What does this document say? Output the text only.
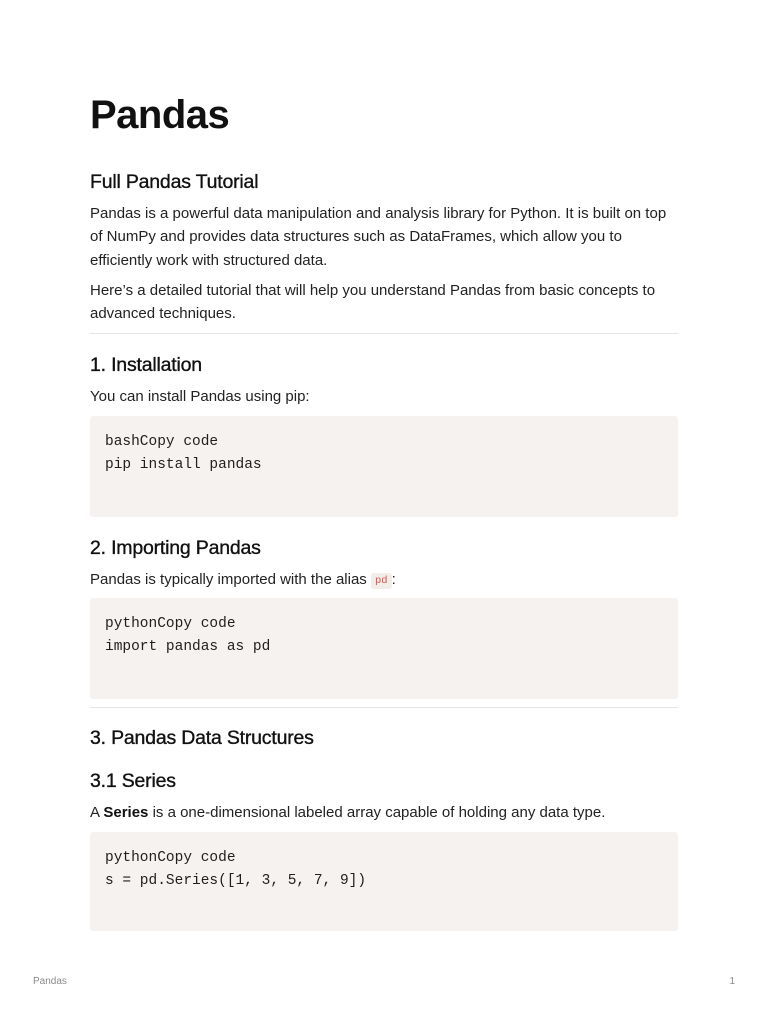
Pandas
Full Pandas Tutorial

Pandas is a powerful data manipulation and analysis library for Python. It is built on top of NumPy and provides data structures such as DataFrames, which allow you to efficiently work with structured data.

Here’s a detailed tutorial that will help you understand Pandas from basic concepts to advanced techniques.

1. Installation

You can install Pandas using pip:

bashCopy code
pip install pandas
2. Importing Pandas

Pandas is typically imported with the alias pd :

pythonCopy code
import pandas as pd
3. Pandas Data Structures
3.1 Series

A Series is a one-dimensional labeled array capable of holding any data type.

pythonCopy code
s = pd.Series([1, 3, 5, 7, 9])
Pandas	1
